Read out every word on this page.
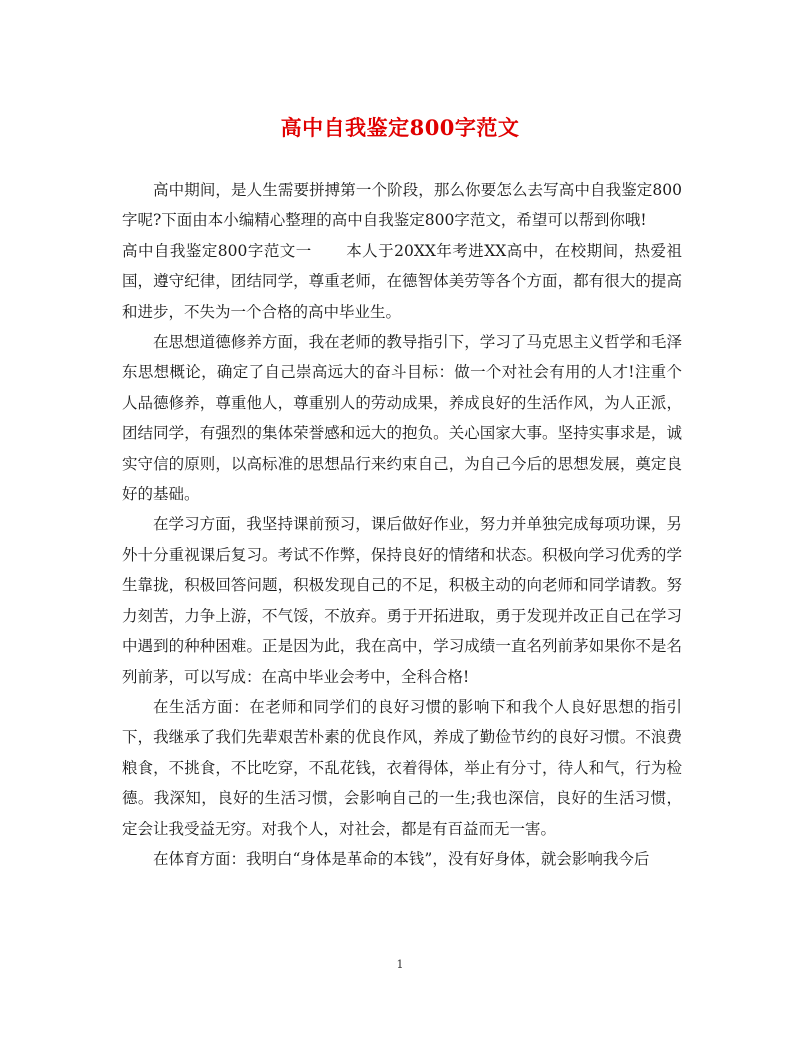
高中自我鉴定800字范文

高中期间，是人生需要拼搏第一个阶段，那么你要怎么去写高中自我鉴定800字呢?下面由本小编精心整理的高中自我鉴定800字范文，希望可以帮到你哦!

高中自我鉴定800字范文一 本人于20XX年考进XX高中，在校期间，热爱祖国，遵守纪律，团结同学，尊重老师，在德智体美劳等各个方面，都有很大的提高和进步，不失为一个合格的高中毕业生。

在思想道德修养方面，我在老师的教导指引下，学习了马克思主义哲学和毛泽东思想概论，确定了自己崇高远大的奋斗目标：做一个对社会有用的人才!注重个人品德修养，尊重他人，尊重别人的劳动成果，养成良好的生活作风，为人正派，团结同学，有强烈的集体荣誉感和远大的抱负。关心国家大事。坚持实事求是，诚实守信的原则，以高标准的思想品行来约束自己，为自己今后的思想发展，奠定良好的基础。

在学习方面，我坚持课前预习，课后做好作业，努力并单独完成每项功课，另外十分重视课后复习。考试不作弊，保持良好的情绪和状态。积极向学习优秀的学生靠拢，积极回答问题，积极发现自己的不足，积极主动的向老师和同学请教。努力刻苦，力争上游，不气馁，不放弃。勇于开拓进取，勇于发现并改正自己在学习中遇到的种种困难。正是因为此，我在高中，学习成绩一直名列前茅如果你不是名列前茅，可以写成：在高中毕业会考中，全科合格!

在生活方面：在老师和同学们的良好习惯的影响下和我个人良好思想的指引下，我继承了我们先辈艰苦朴素的优良作风，养成了勤俭节约的良好习惯。不浪费粮食，不挑食，不比吃穿，不乱花钱，衣着得体，举止有分寸，待人和气，行为检德。我深知，良好的生活习惯，会影响自己的一生;我也深信，良好的生活习惯，定会让我受益无穷。对我个人，对社会，都是有百益而无一害。

在体育方面：我明白“身体是革命的本钱”，没有好身体，就会影响我今后

1
